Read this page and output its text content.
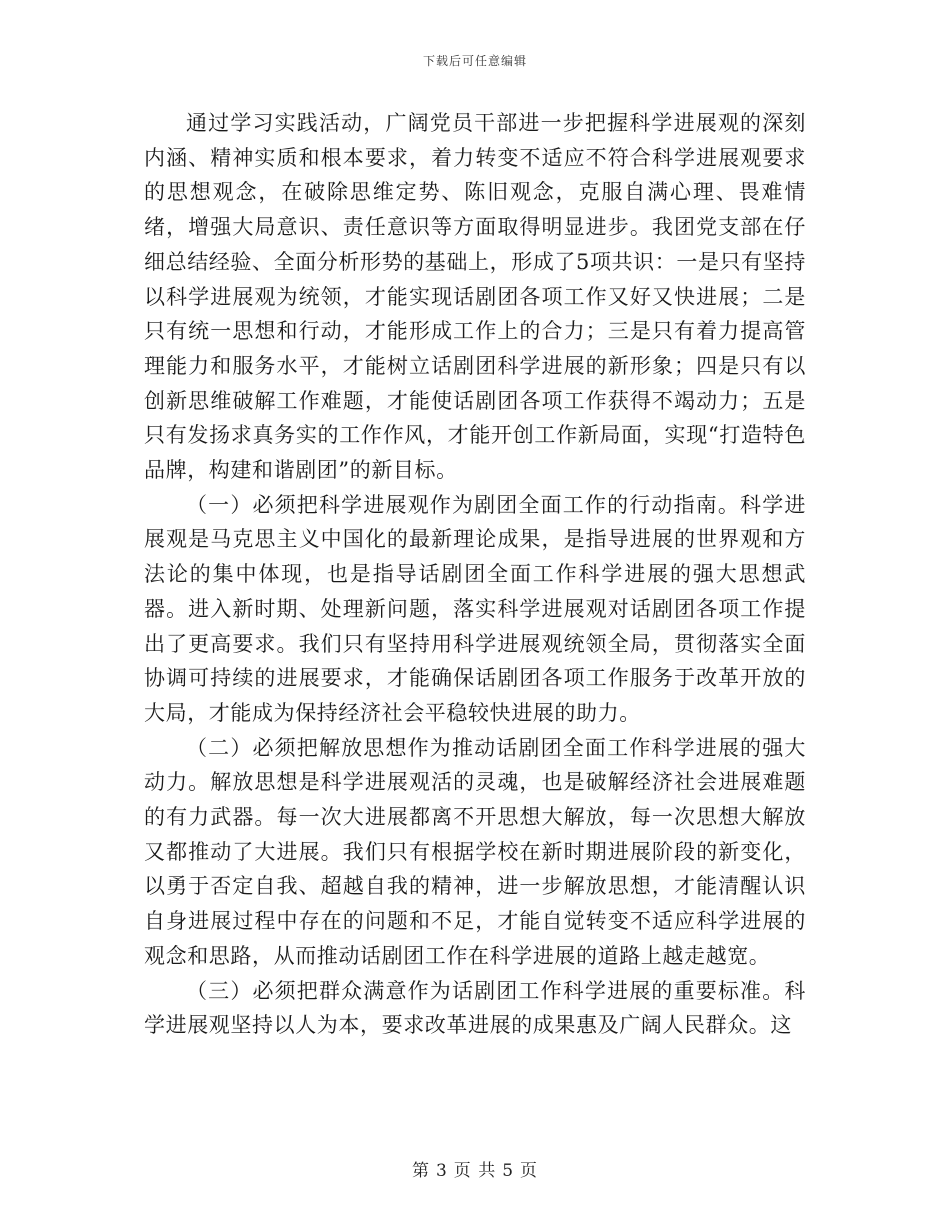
下载后可任意编辑

通过学习实践活动，广阔党员干部进一步把握科学进展观的深刻内涵、精神实质和根本要求，着力转变不适应不符合科学进展观要求的思想观念，在破除思维定势、陈旧观念，克服自满心理、畏难情绪，增强大局意识、责任意识等方面取得明显进步。我团党支部在仔细总结经验、全面分析形势的基础上，形成了5项共识：一是只有坚持以科学进展观为统领，才能实现话剧团各项工作又好又快进展；二是只有统一思想和行动，才能形成工作上的合力；三是只有着力提高管理能力和服务水平，才能树立话剧团科学进展的新形象；四是只有以创新思维破解工作难题，才能使话剧团各项工作获得不竭动力；五是只有发扬求真务实的工作作风，才能开创工作新局面，实现“打造特色品牌，构建和谐剧团”的新目标。

（一）必须把科学进展观作为剧团全面工作的行动指南。科学进展观是马克思主义中国化的最新理论成果，是指导进展的世界观和方法论的集中体现，也是指导话剧团全面工作科学进展的强大思想武器。进入新时期、处理新问题，落实科学进展观对话剧团各项工作提出了更高要求。我们只有坚持用科学进展观统领全局，贯彻落实全面协调可持续的进展要求，才能确保话剧团各项工作服务于改革开放的大局，才能成为保持经济社会平稳较快进展的助力。

（二）必须把解放思想作为推动话剧团全面工作科学进展的强大动力。解放思想是科学进展观活的灵魂，也是破解经济社会进展难题的有力武器。每一次大进展都离不开思想大解放，每一次思想大解放又都推动了大进展。我们只有根据学校在新时期进展阶段的新变化，以勇于否定自我、超越自我的精神，进一步解放思想，才能清醒认识自身进展过程中存在的问题和不足，才能自觉转变不适应科学进展的观念和思路，从而推动话剧团工作在科学进展的道路上越走越宽。

（三）必须把群众满意作为话剧团工作科学进展的重要标准。科学进展观坚持以人为本，要求改革进展的成果惠及广阔人民群众。这

第 3 页 共 5 页
